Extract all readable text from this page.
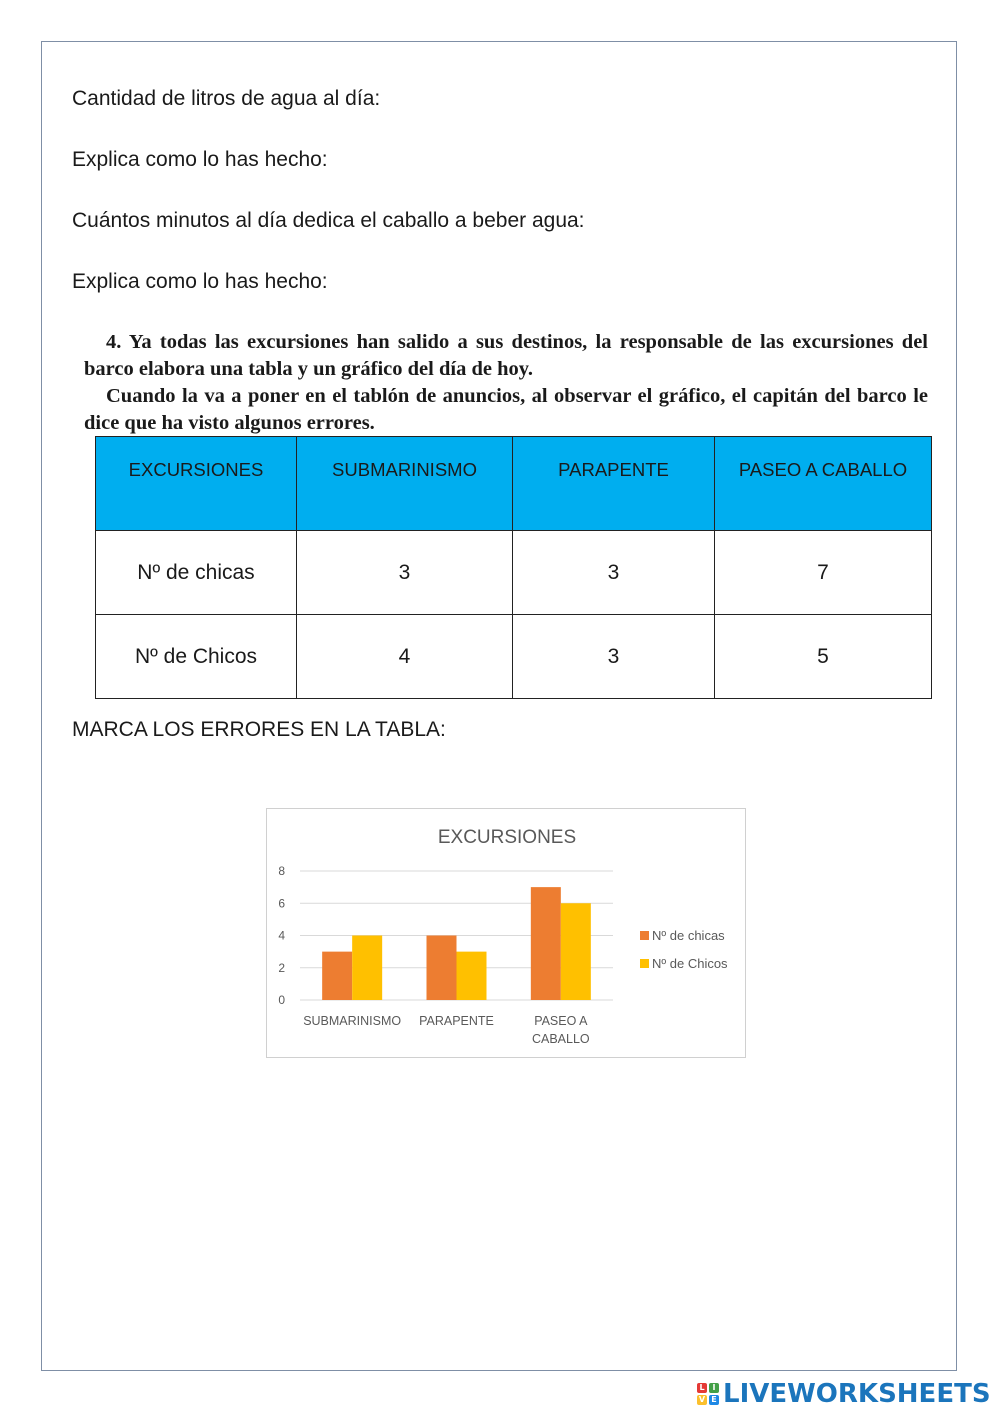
Cantidad de litros de agua al día:
Explica como lo has hecho:
Cuántos minutos al día dedica el caballo a beber agua:
Explica como lo has hecho:
4. Ya todas las excursiones han salido a sus destinos, la responsable de las excursiones del barco elabora una tabla y un gráfico del día de hoy.
Cuando la va a poner en el tablón de anuncios, al observar el gráfico, el capitán del barco le dice que ha visto algunos errores.
EXCURSIONES	SUBMARINISMO	PARAPENTE	PASEO A CABALLO
Nº de chicas	3	3	7
Nº de Chicos	4	3	5
MARCA LOS ERRORES EN LA TABLA:
EXCURSIONES
0
2
4
6
8
SUBMARINISMO PARAPENTE	PASEO A
CABALLO
Nº de chicas
Nº de Chicos
L I
V E LIVEWORKSHEETS
